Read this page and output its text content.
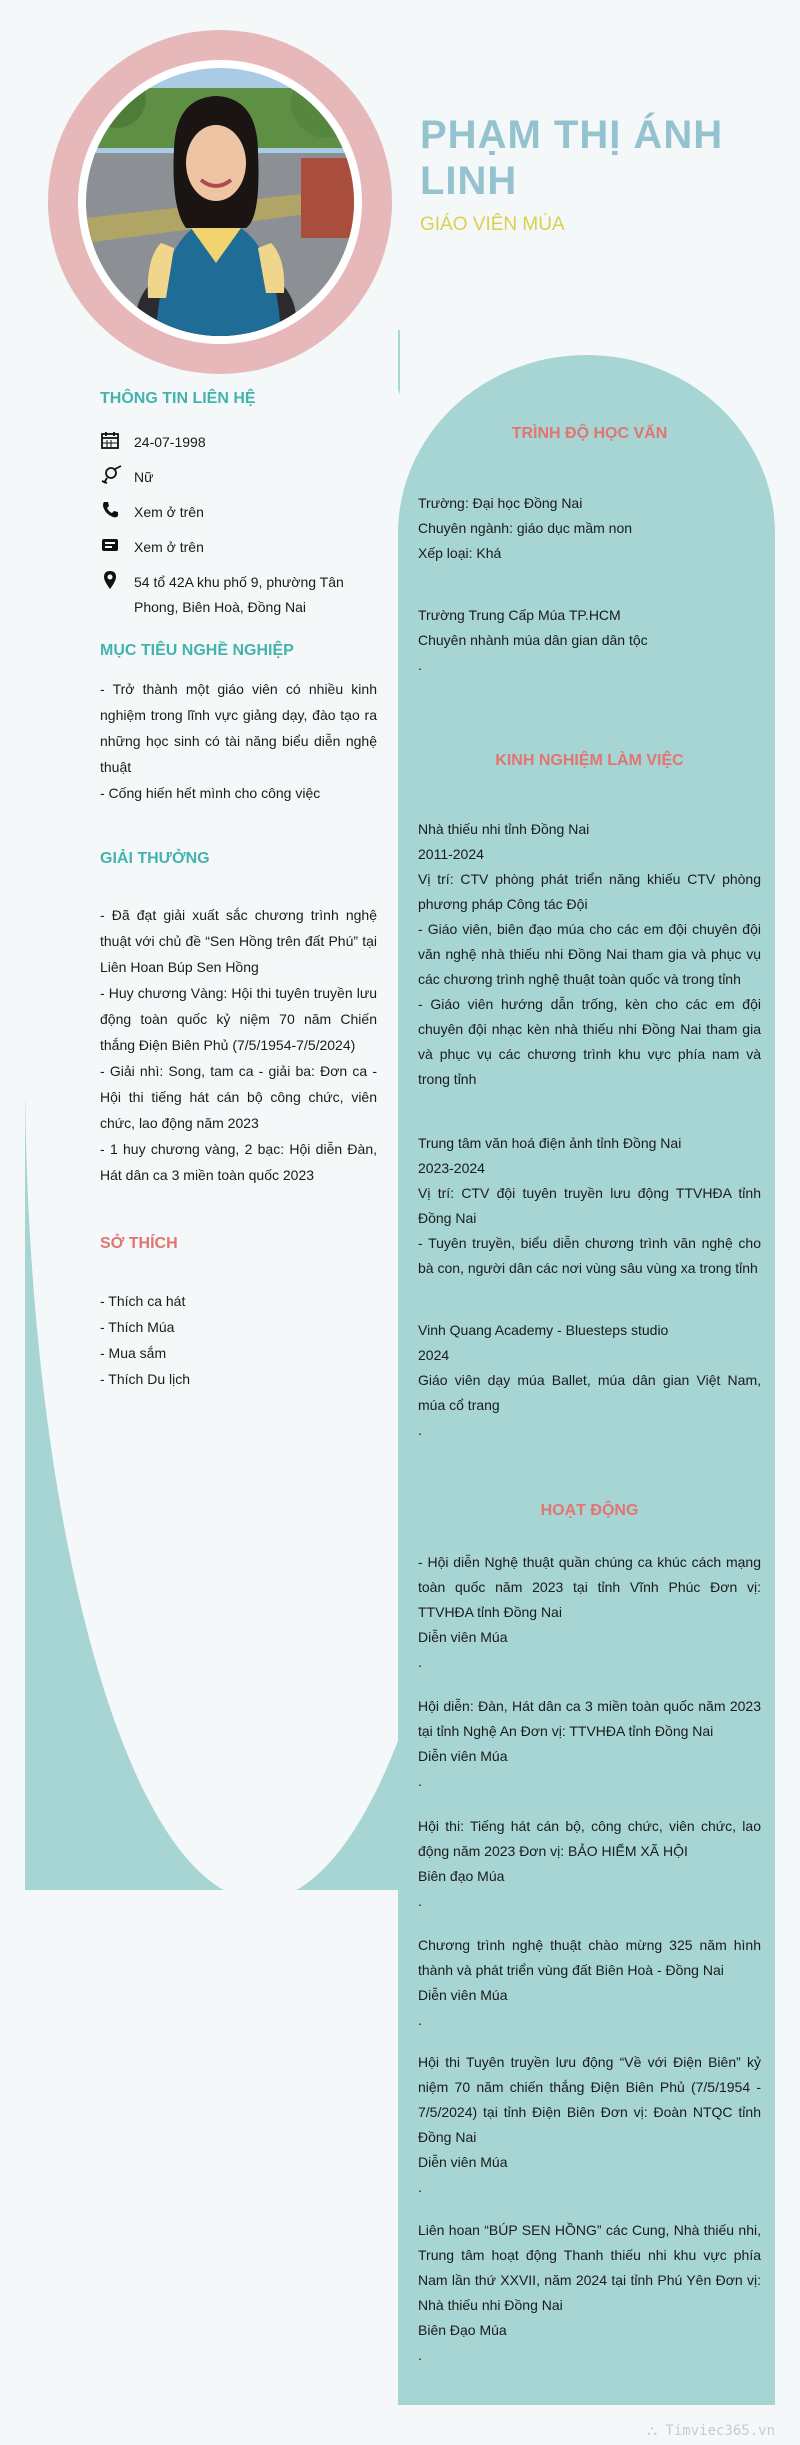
PHẠM THỊ ÁNH LINH
GIÁO VIÊN MÚA
THÔNG TIN LIÊN HỆ
24-07-1998
Nữ
Xem ở trên
Xem ở trên
54 tổ 42A khu phố 9, phường Tân Phong, Biên Hoà, Đồng Nai
MỤC TIÊU NGHỀ NGHIỆP

- Trở thành một giáo viên có nhiều kinh nghiệm trong lĩnh vực giảng dạy, đào tạo ra những học sinh có tài năng biểu diễn nghệ thuật

- Cống hiến hết mình cho công việc

GIẢI THƯỞNG

- Đã đạt giải xuất sắc chương trình nghệ thuật với chủ đề “Sen Hồng trên đất Phú” tại Liên Hoan Búp Sen Hồng

- Huy chương Vàng: Hội thi tuyên truyền lưu động toàn quốc kỷ niệm 70 năm Chiến thắng Điện Biên Phủ (7/5/1954-7/5/2024)

- Giải nhì: Song, tam ca - giải ba: Đơn ca - Hội thi tiếng hát cán bộ công chức, viên chức, lao động năm 2023

- 1 huy chương vàng, 2 bạc: Hội diễn Đàn, Hát dân ca 3 miền toàn quốc 2023

SỞ THÍCH

- Thích ca hát

- Thích Múa

- Mua sắm

- Thích Du lịch

TRÌNH ĐỘ HỌC VẤN

Trường: Đại học Đồng Nai

Chuyên ngành: giáo dục mầm non

Xếp loại: Khá

Trường Trung Cấp Múa TP.HCM

Chuyên nhành múa dân gian dân tộc

.

KINH NGHIỆM LÀM VIỆC

Nhà thiếu nhi tỉnh Đồng Nai

2011-2024

Vị trí: CTV phòng phát triển năng khiếu CTV phòng phương pháp Công tác Đội

- Giáo viên, biên đạo múa cho các em đội chuyên đội văn nghệ nhà thiếu nhi Đồng Nai tham gia và phục vụ các chương trình nghệ thuật toàn quốc và trong tỉnh

- Giáo viên hướng dẫn trống, kèn cho các em đội chuyên đội nhạc kèn nhà thiếu nhi Đồng Nai tham gia và phục vụ các chương trình khu vực phía nam và trong tỉnh

Trung tâm văn hoá điện ảnh tỉnh Đồng Nai

2023-2024

Vị trí: CTV đội tuyên truyền lưu động TTVHĐA tỉnh Đồng Nai

- Tuyên truyền, biểu diễn chương trình văn nghệ cho bà con, người dân các nơi vùng sâu vùng xa trong tỉnh

Vinh Quang Academy - Bluesteps studio

2024

Giáo viên dạy múa Ballet, múa dân gian Việt Nam, múa cổ trang

.

HOẠT ĐỘNG

- Hội diễn Nghệ thuật quần chúng ca khúc cách mạng toàn quốc năm 2023 tại tỉnh Vĩnh Phúc Đơn vị: TTVHĐA tỉnh Đồng Nai

Diễn viên Múa

.

Hội diễn: Đàn, Hát dân ca 3 miền toàn quốc năm 2023 tại tỉnh Nghệ An Đơn vị: TTVHĐA tỉnh Đồng Nai

Diễn viên Múa

.

Hội thi: Tiếng hát cán bộ, công chức, viên chức, lao động năm 2023 Đơn vị: BẢO HIỂM XÃ HỘI

Biên đạo Múa

.

Chương trình nghệ thuật chào mừng 325 năm hình thành và phát triển vùng đất Biên Hoà - Đồng Nai

Diễn viên Múa

.

Hội thi Tuyên truyền lưu động “Về với Điện Biên” kỷ niệm 70 năm chiến thắng Điện Biên Phủ (7/5/1954 - 7/5/2024) tại tỉnh Điện Biên Đơn vị: Đoàn NTQC tỉnh Đồng Nai

Diễn viên Múa

.

Liên hoan “BÚP SEN HỒNG” các Cung, Nhà thiếu nhi, Trung tâm hoạt động Thanh thiếu nhi khu vực phía Nam lần thứ XXVII, năm 2024 tại tỉnh Phú Yên Đơn vị: Nhà thiếu nhi Đồng Nai

Biên Đạo Múa

.

⛬ Timviec365.vn
